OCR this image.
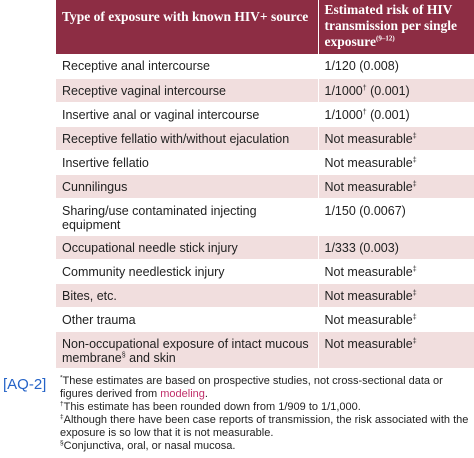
Type of exposure with known HIV+ source	Estimated risk of HIV transmission per single exposure$^{(9-12)}$
Receptive anal intercourse	1/120 (0.008)
Receptive vaginal intercourse	1/1000† (0.001)
Insertive anal or vaginal intercourse	1/1000† (0.001)
Receptive fellatio with/without ejaculation	Not measurable‡
Insertive fellatio	Not measurable‡
Cunnilingus	Not measurable‡
Sharing/use contaminated injecting equipment	1/150 (0.0067)
Occupational needle stick injury	1/333 (0.003)
Community needlestick injury	Not measurable‡
Bites, etc.	Not measurable‡
Other trauma	Not measurable‡
Non-occupational exposure of intact mucous membrane§ and skin	Not measurable‡
[AQ-2]	*These estimates are based on prospective studies, not cross-sectional data or figures derived from modeling.

†This estimate has been rounded down from 1/909 to 1/1,000.

‡Although there have been case reports of transmission, the risk associated with the exposure is so low that it is not measurable.

§Conjunctiva, oral, or nasal mucosa.
